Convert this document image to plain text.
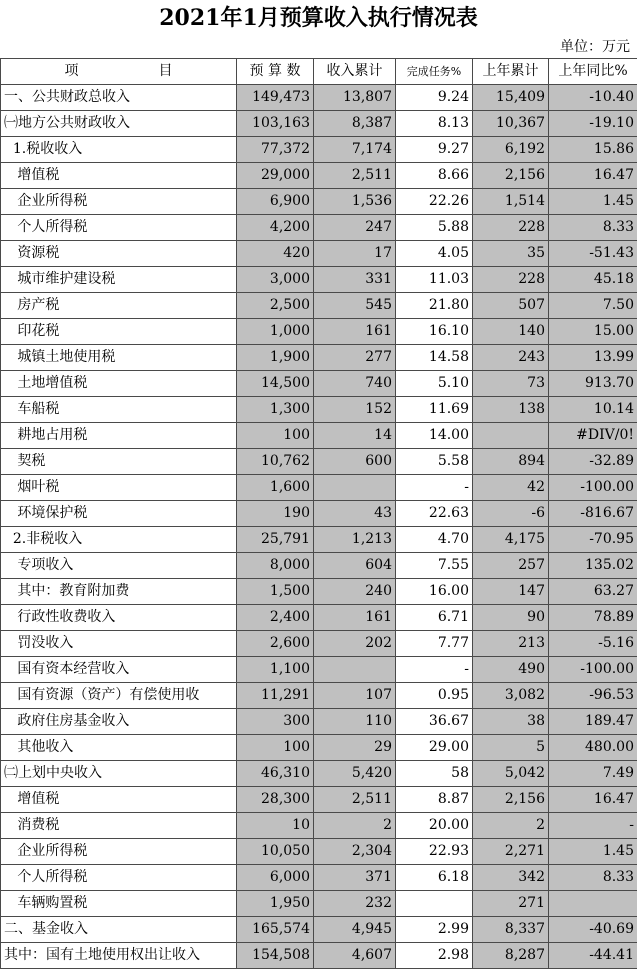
2021年1月预算收入执行情况表
单位：万元
项 目	预 算 数	收入累计	完成任务%	上年累计	上年同比%
一、公共财政总收入	149,473	13,807	9.24	15,409	-10.40
㈠地方公共财政收入	103,163	8,387	8.13	10,367	-19.10
1.税收收入	77,372	7,174	9.27	6,192	15.86
增值税	29,000	2,511	8.66	2,156	16.47
企业所得税	6,900	1,536	22.26	1,514	1.45
个人所得税	4,200	247	5.88	228	8.33
资源税	420	17	4.05	35	-51.43
城市维护建设税	3,000	331	11.03	228	45.18
房产税	2,500	545	21.80	507	7.50
印花税	1,000	161	16.10	140	15.00
城镇土地使用税	1,900	277	14.58	243	13.99
土地增值税	14,500	740	5.10	73	913.70
车船税	1,300	152	11.69	138	10.14
耕地占用税	100	14	14.00		#DIV/0!
契税	10,762	600	5.58	894	-32.89
烟叶税	1,600		-	42	-100.00
环境保护税	190	43	22.63	-6	-816.67
2.非税收入	25,791	1,213	4.70	4,175	-70.95
专项收入	8,000	604	7.55	257	135.02
其中：教育附加费	1,500	240	16.00	147	63.27
行政性收费收入	2,400	161	6.71	90	78.89
罚没收入	2,600	202	7.77	213	-5.16
国有资本经营收入	1,100		-	490	-100.00
国有资源（资产）有偿使用收	11,291	107	0.95	3,082	-96.53
政府住房基金收入	300	110	36.67	38	189.47
其他收入	100	29	29.00	5	480.00
㈡上划中央收入	46,310	5,420	58	5,042	7.49
增值税	28,300	2,511	8.87	2,156	16.47
消费税	10	2	20.00	2	-
企业所得税	10,050	2,304	22.93	2,271	1.45
个人所得税	6,000	371	6.18	342	8.33
车辆购置税	1,950	232		271	
二、基金收入	165,574	4,945	2.99	8,337	-40.69
其中：国有土地使用权出让收入	154,508	4,607	2.98	8,287	-44.41
